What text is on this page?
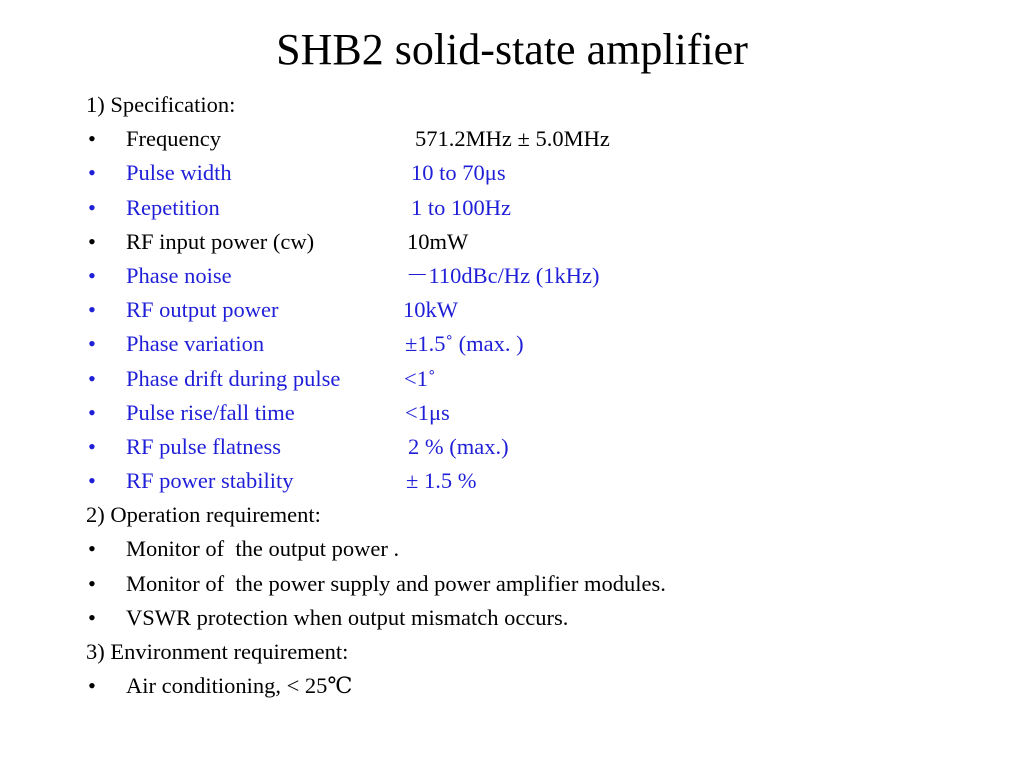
SHB2 solid-state amplifier
1) Specification:
• Frequency	571.2MHz ± 5.0MHz
• Pulse width	10 to 70μs
• Repetition	1 to 100Hz
• RF input power (cw)	10mW
• Phase noise	－110dBc/Hz (1kHz)
• RF output power	10kW
• Phase variation	±1.5˚ (max. )
• Phase drift during pulse	<1˚
• Pulse rise/fall time	<1μs
• RF pulse flatness	2 % (max.)
• RF power stability	± 1.5 %
2) Operation requirement:
• Monitor of  the output power .
• Monitor of  the power supply and power amplifier modules.
• VSWR protection when output mismatch occurs.
3) Environment requirement:
• Air conditioning, < 25℃
